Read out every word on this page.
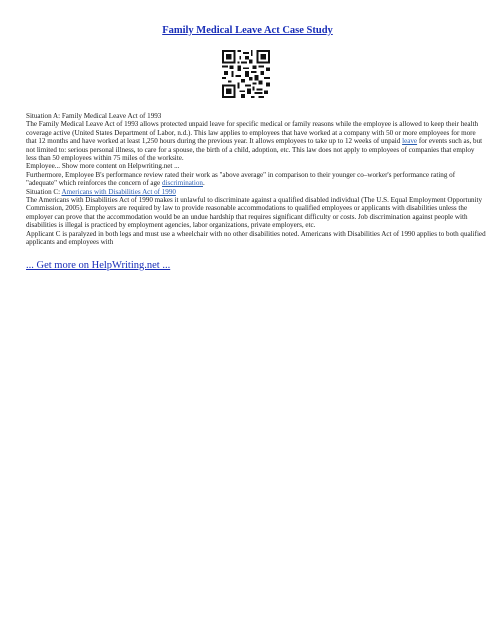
Family Medical Leave Act Case Study

Situation A: Family Medical Leave Act of 1993

The Family Medical Leave Act of 1993 allows protected unpaid leave for specific medical or family reasons while the employee is allowed to keep their health coverage active (United States Department of Labor, n.d.). This law applies to employees that have worked at a company with 50 or more employees for more that 12 months and have worked at least 1,250 hours during the previous year. It allows employees to take up to 12 weeks of unpaid leave for events such as, but not limited to: serious personal illness, to care for a spouse, the birth of a child, adoption, etc. This law does not apply to employees of companies that employ less than 50 employees within 75 miles of the worksite.

Employee... Show more content on Helpwriting.net ...

Furthermore, Employee B's performance review rated their work as "above average" in comparison to their younger co–worker's performance rating of "adequate" which reinforces the concern of age discrimination.

Situation C: Americans with Disabilities Act of 1990

The Americans with Disabilities Act of 1990 makes it unlawful to discriminate against a qualified disabled individual (The U.S. Equal Employment Opportunity Commission, 2005). Employers are required by law to provide reasonable accommodations to qualified employees or applicants with disabilities unless the employer can prove that the accommodation would be an undue hardship that requires significant difficulty or costs. Job discrimination against people with disabilities is illegal is practiced by employment agencies, labor organizations, private employers, etc.

Applicant C is paralyzed in both legs and must use a wheelchair with no other disabilities noted. Americans with Disabilities Act of 1990 applies to both qualified applicants and employees with

... Get more on HelpWriting.net ...
